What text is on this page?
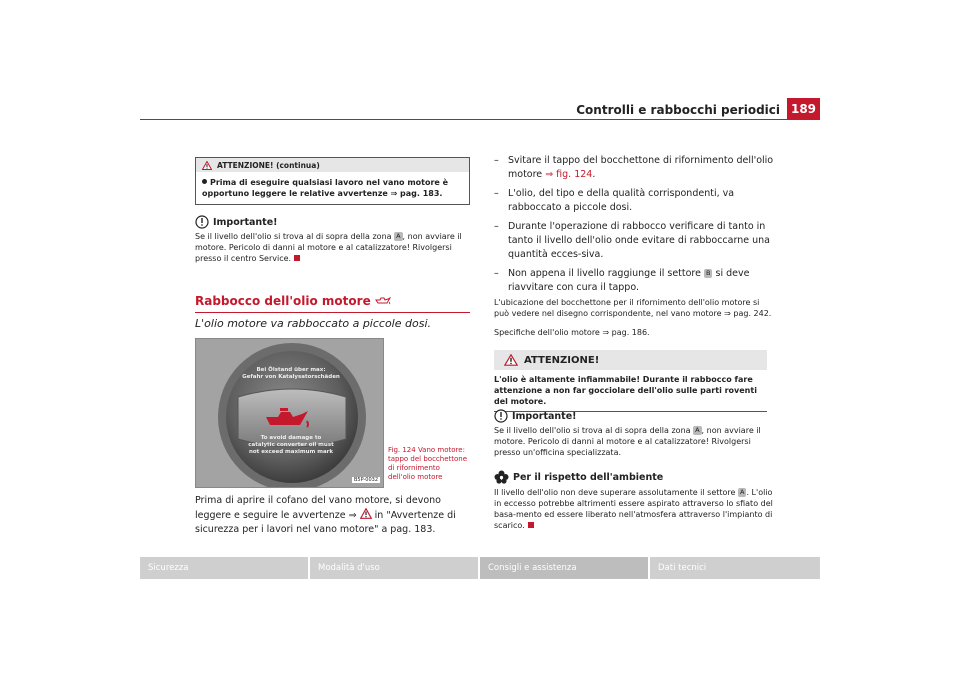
Controlli e rabbocchi periodici 189
ATTENZIONE! (continua)
Prima di eseguire qualsiasi lavoro nel vano motore è opportuno leggere le relative avvertenze ⇒ pag. 183.
Importante!
Se il livello dell'olio si trova al di sopra della zona A , non avviare il motore. Pericolo di danni al motore e al catalizzatore! Rivolgersi presso il centro Service.
Rabbocco dell'olio motore
L'olio motore va rabboccato a piccole dosi.
Bei Ölstand über max:
Gefahr von Katalysatorschäden
To avoid damage to
catalytic converter oil must
not exceed maximum mark
B5P-0032
Fig. 124 Vano motore: tappo del bocchettone di rifornimento dell'olio motore
Prima di aprire il cofano del vano motore, si devono leggere e seguire le avvertenze ⇒ in "Avvertenze di sicurezza per i lavori nel vano motore" a pag. 183.
– Svitare il tappo del bocchettone di rifornimento dell'olio motore ⇒ fig. 124.
– L'olio, del tipo e della qualità corrispondenti, va rabboccato a piccole dosi.
– Durante l'operazione di rabbocco verificare di tanto in tanto il livello dell'olio onde evitare di rabboccarne una quantità ecces-siva.
– Non appena il livello raggiunge il settore B si deve riavvitare con cura il tappo.
L'ubicazione del bocchettone per il rifornimento dell'olio motore si può vedere nel disegno corrispondente, nel vano motore ⇒ pag. 242.
Specifiche dell'olio motore ⇒ pag. 186.
ATTENZIONE!
L'olio è altamente infiammabile! Durante il rabbocco fare attenzione a non far gocciolare dell'olio sulle parti roventi del motore.
Importante!
Se il livello dell'olio si trova al di sopra della zona A , non avviare il motore. Pericolo di danni al motore e al catalizzatore! Rivolgersi presso un'officina specializzata.
Per il rispetto dell'ambiente
Il livello dell'olio non deve superare assolutamente il settore A . L'olio in eccesso potrebbe altrimenti essere aspirato attraverso lo sfiato del basa-mento ed essere liberato nell'atmosfera attraverso l'impianto di scarico.
Sicurezza	Modalità d'uso	Consigli e assistenza	Dati tecnici
